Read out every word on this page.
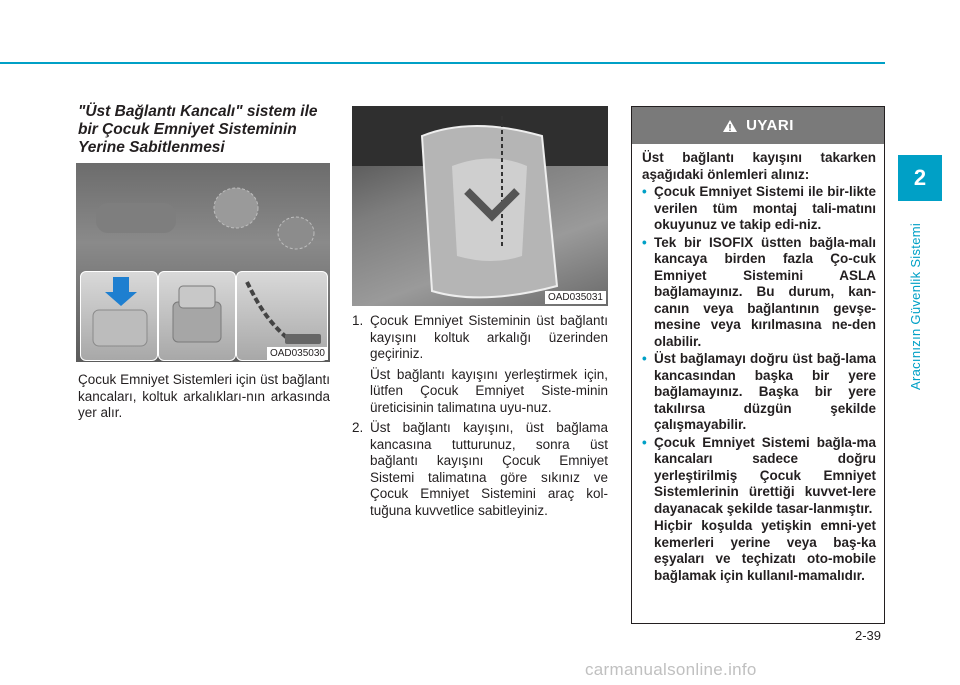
2
Aracınızın Güvenlik Sistemi
"Üst Bağlantı Kancalı" sistem ile bir Çocuk Emniyet Sisteminin Yerine Sabitlenmesi
OAD035030
Çocuk Emniyet Sistemleri için üst bağlantı kancaları, koltuk arkalıkları-nın arkasında yer alır.
OAD035031
1. Çocuk Emniyet Sisteminin üst bağlantı kayışını koltuk arkalığı üzerinden geçiriniz.
Üst bağlantı kayışını yerleştirmek için, lütfen Çocuk Emniyet Siste-minin üreticisinin talimatına uyu-nuz.
2. Üst bağlantı kayışını, üst bağlama kancasına tutturunuz, sonra üst bağlantı kayışını Çocuk Emniyet Sistemi talimatına göre sıkınız ve Çocuk Emniyet Sistemini araç kol-tuğuna kuvvetlice sabitleyiniz.
UYARI
Üst bağlantı kayışını takarken aşağıdaki önlemleri alınız:
• Çocuk Emniyet Sistemi ile bir-likte verilen tüm montaj tali-matını okuyunuz ve takip edi-niz.
• Tek bir ISOFIX üstten bağla-malı kancaya birden fazla Ço-cuk Emniyet Sistemini ASLA bağlamayınız. Bu durum, kan-canın veya bağlantının gevşe-mesine veya kırılmasına ne-den olabilir.
• Üst bağlamayı doğru üst bağ-lama kancasından başka bir yere bağlamayınız. Başka bir yere takılırsa düzgün şekilde çalışmayabilir.
• Çocuk Emniyet Sistemi bağla-ma kancaları sadece doğru yerleştirilmiş Çocuk Emniyet Sistemlerinin ürettiği kuvvet-lere dayanacak şekilde tasar-lanmıştır.
Hiçbir koşulda yetişkin emni-yet kemerleri yerine veya baş-ka eşyaları ve teçhizatı oto-mobile bağlamak için kullanıl-mamalıdır.
2-39
carmanualsonline.info
